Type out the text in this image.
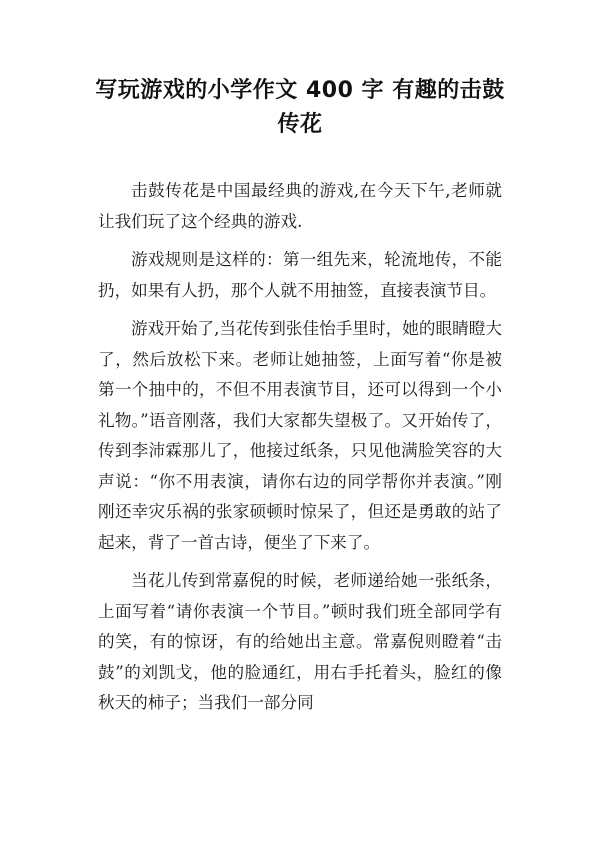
写玩游戏的小学作文 400 字 有趣的击鼓传花

击鼓传花是中国最经典的游戏,在今天下午,老师就让我们玩了这个经典的游戏.

游戏规则是这样的：第一组先来，轮流地传，不能扔，如果有人扔，那个人就不用抽签，直接表演节目。

游戏开始了,当花传到张佳怡手里时，她的眼睛瞪大了，然后放松下来。老师让她抽签，上面写着“你是被第一个抽中的，不但不用表演节目，还可以得到一个小礼物。”语音刚落，我们大家都失望极了。又开始传了，传到李沛霖那儿了，他接过纸条，只见他满脸笑容的大声说：“你不用表演，请你右边的同学帮你并表演。”刚刚还幸灾乐祸的张家硕顿时惊呆了，但还是勇敢的站了起来，背了一首古诗，便坐了下来了。

当花儿传到常嘉倪的时候，老师递给她一张纸条，上面写着“请你表演一个节目。”顿时我们班全部同学有的笑，有的惊讶，有的给她出主意。常嘉倪则瞪着“击鼓”的刘凯戈，他的脸通红，用右手托着头，脸红的像秋天的柿子；当我们一部分同
